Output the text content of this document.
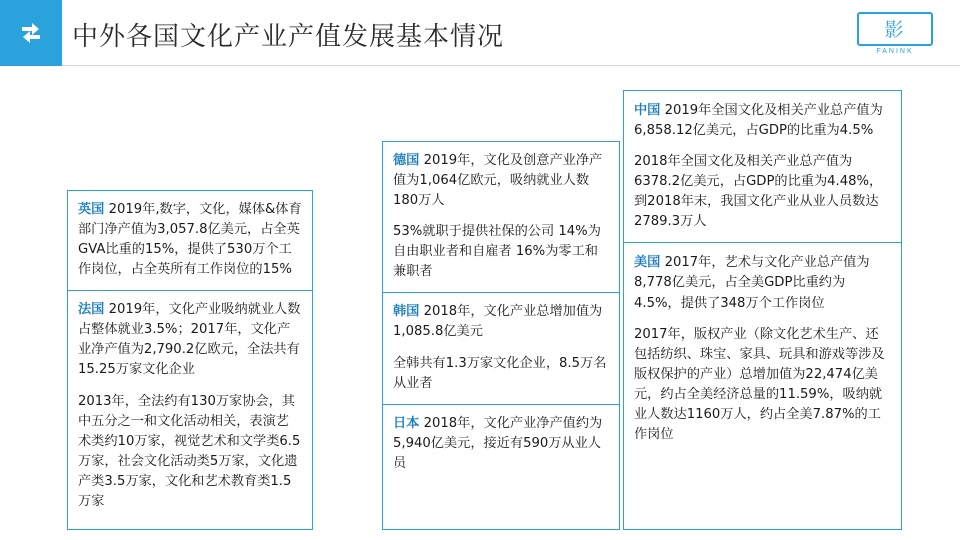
中外各国文化产业产值发展基本情况	影
FANINK

英国 2019年,数字，文化，媒体&体育部门净产值为3,057.8亿美元，占全英GVA比重的15%，提供了530万个工作岗位，占全英所有工作岗位的15%

法国 2019年，文化产业吸纳就业人数占整体就业3.5%；2017年，文化产业净产值为2,790.2亿欧元，全法共有15.25万家文化企业

2013年，全法约有130万家协会，其中五分之一和文化活动相关，表演艺术类约10万家，视觉艺术和文学类6.5万家，社会文化活动类5万家，文化遗产类3.5万家，文化和艺术教育类1.5万家

德国 2019年，文化及创意产业净产值为1,064亿欧元，吸纳就业人数180万人

53%就职于提供社保的公司 14%为自由职业者和自雇者 16%为零工和兼职者

韩国 2018年，文化产业总增加值为1,085.8亿美元

全韩共有1.3万家文化企业，8.5万名从业者

日本 2018年，文化产业净产值约为5,940亿美元，接近有590万从业人员

中国 2019年全国文化及相关产业总产值为6,858.12亿美元，占GDP的比重为4.5%

2018年全国文化及相关产业总产值为6378.2亿美元，占GDP的比重为4.48%，到2018年末，我国文化产业从业人员数达2789.3万人

美国 2017年，艺术与文化产业总产值为8,778亿美元，占全美GDP比重约为4.5%，提供了348万个工作岗位

2017年，版权产业（除文化艺术生产、还包括纺织、珠宝、家具、玩具和游戏等涉及版权保护的产业）总增加值为22,474亿美元，约占全美经济总量的11.59%，吸纳就业人数达1160万人，约占全美7.87%的工作岗位
